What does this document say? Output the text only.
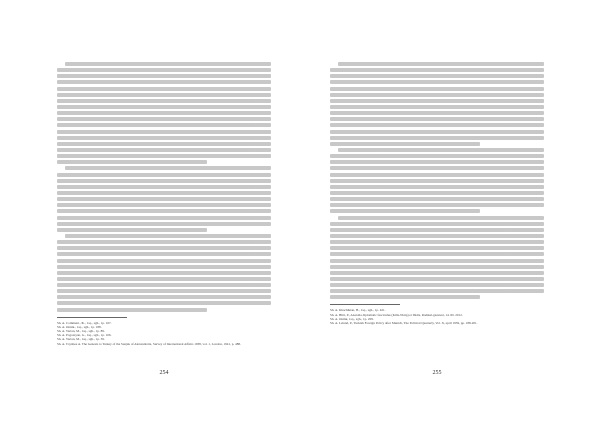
Sh. A. Comment., Ib., 1sq., sgh., 1p. 167.
Sh. A. Onnik., 1sq., sgh., 1p. 188.
Sh. A. Vartan, M., 1sq., sgh., 1p. 89.
Sh. A. Pogossyan, G., 1sq., sgh., 1p. 106.
Sh. A. Vartan, M., 1sq., sgh., 1p. 39.
Sh. A. Toynbee A. The Genesis to Turkey of the Sanjak of Alexandretta, Survey of International Affairs 1938, vol. 1, London, 1941, p. 488.
Sh. A. Khachikian, H., 1sq., sgh., 1p. 421.
Sh. A. Hitti, P., Anatolia diplomatic fasciculus (Kilis-Nizip) et Ibidis, Radikal-gazetesi, 14. III. 2012.
Sh. A. Oumk, 1sq., sgh., 1p. 209.
Sh. A. Leland, P., Turkish Foreign Policy after Munich, The Political Quarterly, Vol. X, april 1939, pp. 188-201.
254	255
